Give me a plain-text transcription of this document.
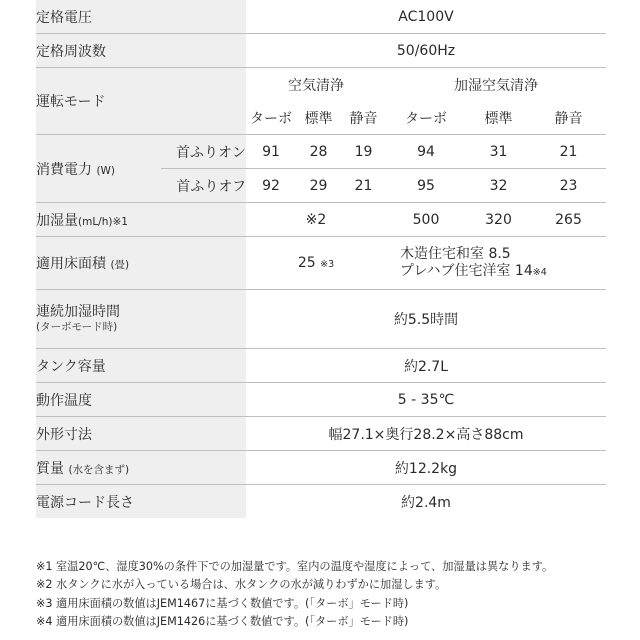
定格電圧		AC100V					
定格周波数		50/60Hz					
運転モード		空気清浄			加湿空気清浄		
		ターボ	標準	静音	ターボ	標準	静音
消費電力 (W)	首ふりオン	91	28	19	94	31	21
	首ふりオフ	92	29	21	95	32	23
加湿量(mL/h)※1		※2			500	320	265
適用床面積 (畳)		25 ※3			木造住宅和室 8.5
プレハブ住宅洋室 14※4		

連続加湿時間
(ターボモード時)		約5.5時間					
タンク容量		約2.7L					
動作温度		5 - 35℃					
外形寸法		幅27.1×奥行28.2×高さ88cm					
質量 (水を含まず)		約12.2kg					
電源コード長さ		約2.4m					
※1 室温20℃、湿度30%の条件下での加湿量です。室内の温度や湿度によって、加湿量は異なります。
※2 水タンクに水が入っている場合は、水タンクの水が減りわずかに加湿します。
※3 適用床面積の数値はJEM1467に基づく数値です。(「ターボ」モード時)
※4 適用床面積の数値はJEM1426に基づく数値です。(「ターボ」モード時)
